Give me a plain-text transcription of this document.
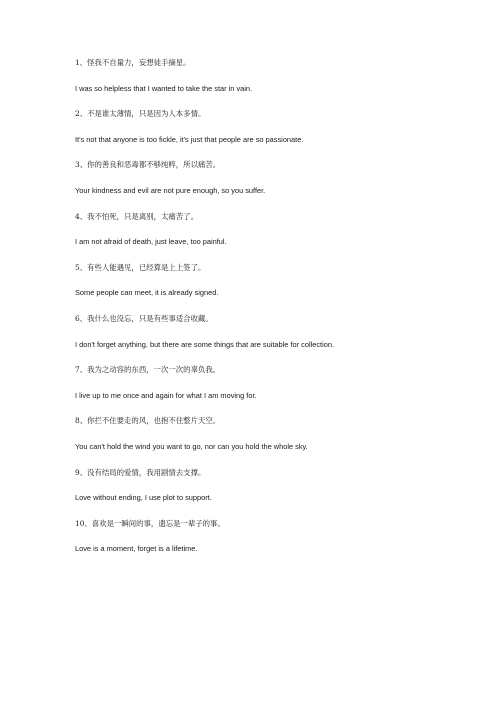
1、怪我不自量力，妄想徒手摘星。
I was so helpless that I wanted to take the star in vain.
2、不是谁太薄情，只是因为人本多情。
It's not that anyone is too fickle, it's just that people are so passionate.
3、你的善良和恶毒都不够纯粹，所以痛苦。
Your kindness and evil are not pure enough, so you suffer.
4、我不怕死，只是离别，太痛苦了。
I am not afraid of death, just leave, too painful.
5、有些人能遇见，已经算是上上签了。
Some people can meet, it is already signed.
6、我什么也没忘，只是有些事适合收藏。
I don't forget anything, but there are some things that are suitable for collection.
7、我为之动容的东西，一次一次的辜负我。
I live up to me once and again for what I am moving for.
8、你拦不住要走的风，也抱不住整片天空。
You can't hold the wind you want to go, nor can you hold the whole sky.
9、没有结局的爱情，我用剧情去支撑。
Love without ending, I use plot to support.
10、喜欢是一瞬间的事，遗忘是一辈子的事。
Love is a moment, forget is a lifetime.
